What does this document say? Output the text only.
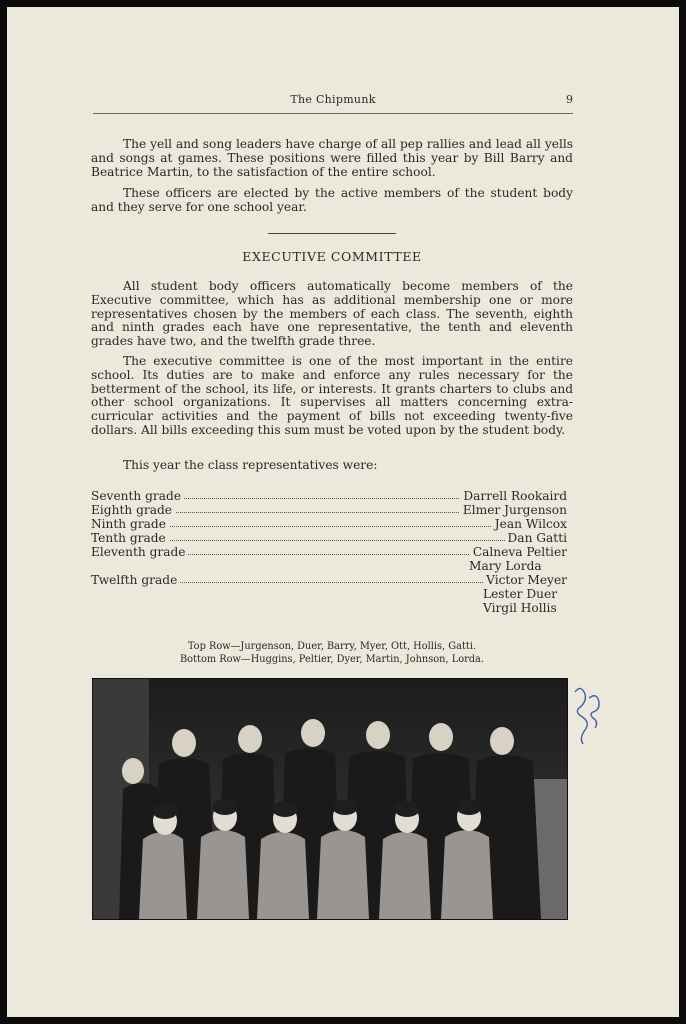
The Chipmunk	9

The yell and song leaders have charge of all pep rallies and lead all yells and songs at games. These positions were filled this year by Bill Barry and Beatrice Martin, to the satisfaction of the entire school.

These officers are elected by the active members of the student body and they serve for one school year.

EXECUTIVE COMMITTEE

All student body officers automatically become members of the Executive committee, which has as additional membership one or more representatives chosen by the members of each class. The seventh, eighth and ninth grades each have one representative, the tenth and eleventh grades have two, and the twelfth grade three.

The executive committee is one of the most important in the entire school. Its duties are to make and enforce any rules necessary for the betterment of the school, its life, or interests. It grants charters to clubs and other school organizations. It supervises all matters concerning extra-curricular activities and the payment of bills not exceeding twenty-five dollars. All bills exceeding this sum must be voted upon by the student body.

This year the class representatives were:

Seventh grade	Darrell Rookaird
Eighth grade	Elmer Jurgenson
Ninth grade	Jean Wilcox
Tenth grade	Dan Gatti
Eleventh grade	Calneva Peltier
Mary Lorda
Twelfth grade	Victor Meyer
Lester Duer
Virgil Hollis
Top Row—Jurgenson, Duer, Barry, Myer, Ott, Hollis, Gatti.
Bottom Row—Huggins, Peltier, Dyer, Martin, Johnson, Lorda.
